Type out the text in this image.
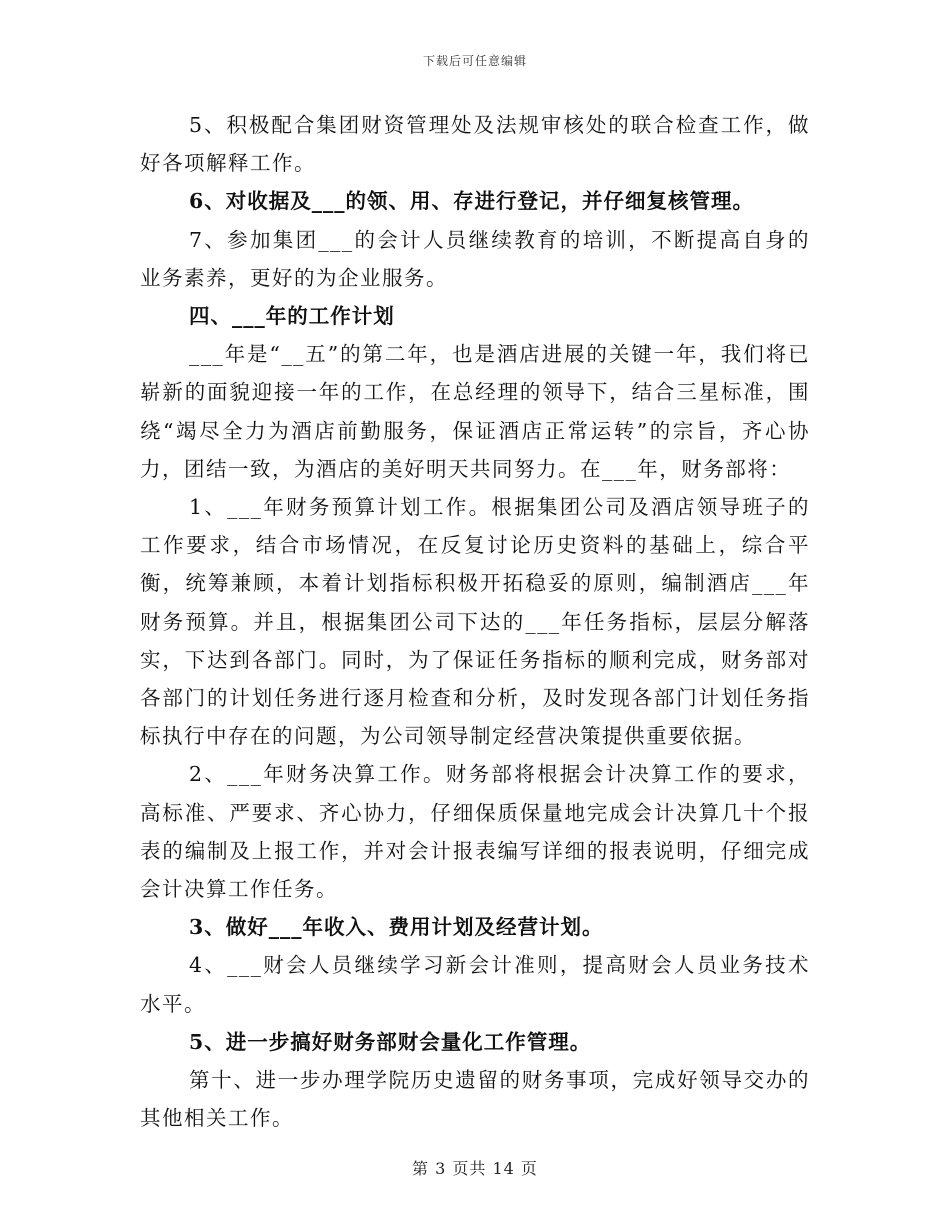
下载后可任意编辑

5、积极配合集团财资管理处及法规审核处的联合检查工作，做好各项解释工作。

6、对收据及___的领、用、存进行登记，并仔细复核管理。

7、参加集团___的会计人员继续教育的培训，不断提高自身的业务素养，更好的为企业服务。

四、___年的工作计划

___年是“__五”的第二年，也是酒店进展的关键一年，我们将已崭新的面貌迎接一年的工作，在总经理的领导下，结合三星标准，围绕“竭尽全力为酒店前勤服务，保证酒店正常运转”的宗旨，齐心协力，团结一致，为酒店的美好明天共同努力。在___年，财务部将：

1、___年财务预算计划工作。根据集团公司及酒店领导班子的工作要求，结合市场情况，在反复讨论历史资料的基础上，综合平衡，统筹兼顾，本着计划指标积极开拓稳妥的原则，编制酒店___年财务预算。并且，根据集团公司下达的___年任务指标，层层分解落实，下达到各部门。同时，为了保证任务指标的顺利完成，财务部对各部门的计划任务进行逐月检查和分析，及时发现各部门计划任务指标执行中存在的问题，为公司领导制定经营决策提供重要依据。

2、___年财务决算工作。财务部将根据会计决算工作的要求，高标准、严要求、齐心协力，仔细保质保量地完成会计决算几十个报表的编制及上报工作，并对会计报表编写详细的报表说明，仔细完成会计决算工作任务。

3、做好___年收入、费用计划及经营计划。

4、___财会人员继续学习新会计准则，提高财会人员业务技术水平。

5、进一步搞好财务部财会量化工作管理。

第十、进一步办理学院历史遗留的财务事项，完成好领导交办的其他相关工作。

第 3 页共 14 页
